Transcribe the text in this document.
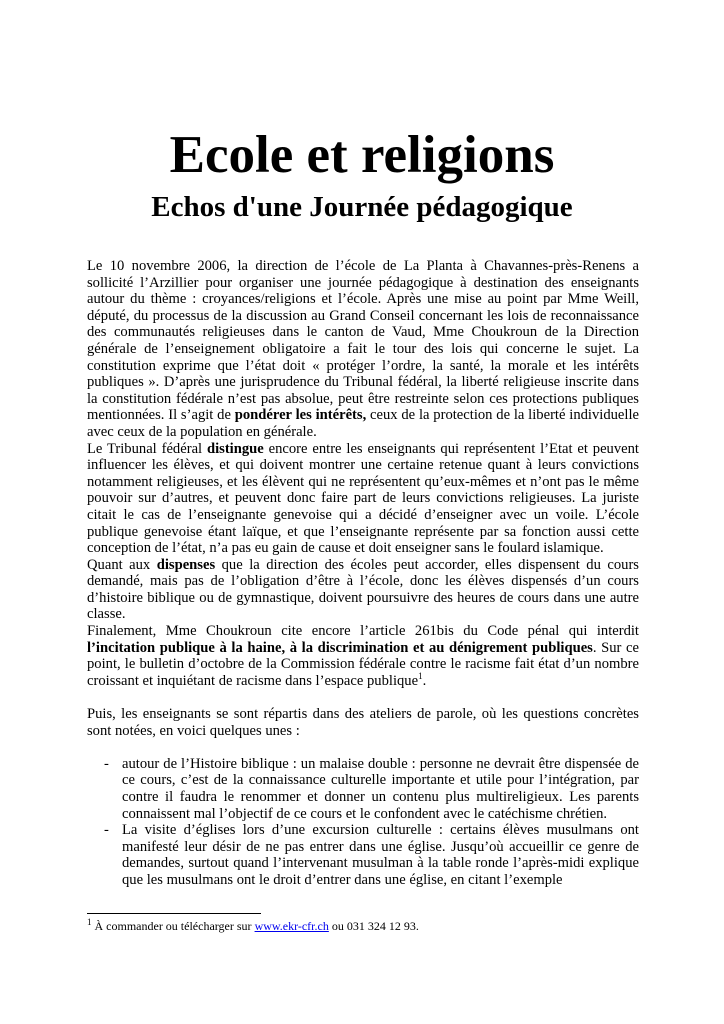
Ecole et religions
Echos d'une Journée pédagogique

Le 10 novembre 2006, la direction de l’école de La Planta à Chavannes-près-Renens a sollicité l’Arzillier pour organiser une journée pédagogique à destination des enseignants autour du thème : croyances/religions et l’école. Après une mise au point par Mme Weill, député, du processus de la discussion au Grand Conseil concernant les lois de reconnaissance des communautés religieuses dans le canton de Vaud, Mme Choukroun de la Direction générale de l’enseignement obligatoire a fait le tour des lois qui concerne le sujet. La constitution exprime que l’état doit « protéger l’ordre, la santé, la morale et les intérêts publiques ». D’après une jurisprudence du Tribunal fédéral, la liberté religieuse inscrite dans la constitution fédérale n’est pas absolue, peut être restreinte selon ces protections publiques mentionnées. Il s’agit de pondérer les intérêts, ceux de la protection de la liberté individuelle avec ceux de la population en générale.

Le Tribunal fédéral distingue encore entre les enseignants qui représentent l’Etat et peuvent influencer les élèves, et qui doivent montrer une certaine retenue quant à leurs convictions notamment religieuses, et les élèvent qui ne représentent qu’eux-mêmes et n’ont pas le même pouvoir sur d’autres, et peuvent donc faire part de leurs convictions religieuses. La juriste citait le cas de l’enseignante genevoise qui a décidé d’enseigner avec un voile. L’école publique genevoise étant laïque, et que l’enseignante représente par sa fonction aussi cette conception de l’état, n’a pas eu gain de cause et doit enseigner sans le foulard islamique.

Quant aux dispenses que la direction des écoles peut accorder, elles dispensent du cours demandé, mais pas de l’obligation d’être à l’école, donc les élèves dispensés d’un cours d’histoire biblique ou de gymnastique, doivent poursuivre des heures de cours dans une autre classe.

Finalement, Mme Choukroun cite encore l’article 261bis du Code pénal qui interdit l’incitation publique à la haine, à la discrimination et au dénigrement publiques. Sur ce point, le bulletin d’octobre de la Commission fédérale contre le racisme fait état d’un nombre croissant et inquiétant de racisme dans l’espace publique$^1$.

Puis, les enseignants se sont répartis dans des ateliers de parole, où les questions concrètes sont notées, en voici quelques unes :

- autour de l’Histoire biblique : un malaise double : personne ne devrait être dispensée de ce cours, c’est de la connaissance culturelle importante et utile pour l’intégration, par contre il faudra le renommer et donner un contenu plus multireligieux. Les parents connaissent mal l’objectif de ce cours et le confondent avec le catéchisme chrétien.
- La visite d’églises lors d’une excursion culturelle : certains élèves musulmans ont manifesté leur désir de ne pas entrer dans une église. Jusqu’où accueillir ce genre de demandes, surtout quand l’intervenant musulman à la table ronde l’après-midi explique que les musulmans ont le droit d’entrer dans une église, en citant l’exemple
$^1$ À commander ou télécharger sur www.ekr-cfr.ch ou 031 324 12 93.
